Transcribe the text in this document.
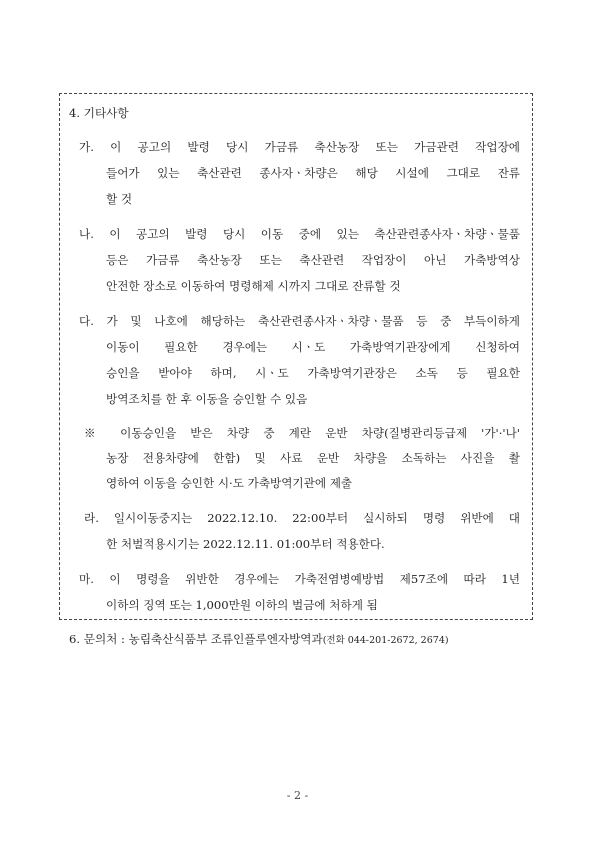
4. 기타사항
가. 이 공고의 발령 당시 가금류 축산농장 또는 가금관련 작업장에
들어가 있는 축산관련 종사자ㆍ차량은 해당 시설에 그대로 잔류
할 것
나. 이 공고의 발령 당시 이동 중에 있는 축산관련종사자ㆍ차량ㆍ물품
등은 가금류 축산농장 또는 축산관련 작업장이 아닌 가축방역상
안전한 장소로 이동하여 명령해제 시까지 그대로 잔류할 것
다. 가 및 나호에 해당하는 축산관련종사자ㆍ차량ㆍ물품 등 중 부득이하게
이동이 필요한 경우에는 시ㆍ도 가축방역기관장에게 신청하여
승인을 받아야 하며, 시ㆍ도 가축방역기관장은 소독 등 필요한
방역조치를 한 후 이동을 승인할 수 있음
※ 이동승인을 받은 차량 중 계란 운반 차량(질병관리등급제 '가'·'나'
농장 전용차량에 한함) 및 사료 운반 차량을 소독하는 사진을 촬
영하여 이동을 승인한 시·도 가축방역기관에 제출
라. 일시이동중지는 2022.12.10. 22:00부터 실시하되 명령 위반에 대
한 처벌적용시기는 2022.12.11. 01:00부터 적용한다.
마. 이 명령을 위반한 경우에는 가축전염병예방법 제57조에 따라 1년
이하의 징역 또는 1,000만원 이하의 벌금에 처하게 됨
6. 문의처 : 농림축산식품부 조류인플루엔자방역과(전화 044-201-2672, 2674)
- 2 -
